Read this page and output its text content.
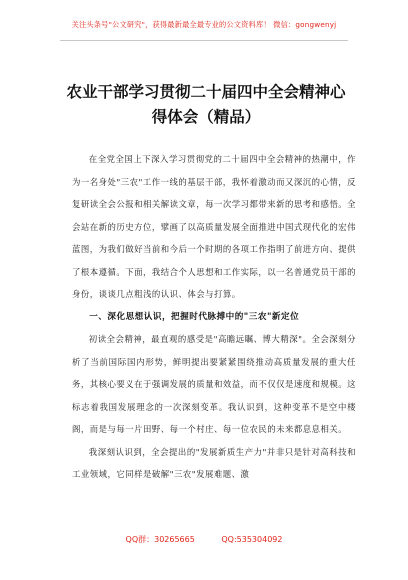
关注头条号"公文研究"，获得最新最全最专业的公文资料库！ 微信：gongwenyj
农业干部学习贯彻二十届四中全会精神心得体会（精品）

在全党全国上下深入学习贯彻党的二十届四中全会精神的热潮中，作为一名身处"三农"工作一线的基层干部，我怀着激动而又深沉的心情，反复研读全会公报和相关解读文章，每一次学习都带来新的思考和感悟。全会站在新的历史方位，擘画了以高质量发展全面推进中国式现代化的宏伟蓝图，为我们做好当前和今后一个时期的各项工作指明了前进方向、提供了根本遵循。下面，我结合个人思想和工作实际，以一名普通党员干部的身份，谈谈几点粗浅的认识、体会与打算。

一、深化思想认识，把握时代脉搏中的"三农"新定位

初读全会精神，最直观的感受是"高瞻远瞩、博大精深"。全会深刻分析了当前国际国内形势，鲜明提出要紧紧围绕推动高质量发展的重大任务，其核心要义在于强调发展的质量和效益，而不仅仅是速度和规模。这标志着我国发展理念的一次深刻变革。我认识到，这种变革不是空中楼阁，而是与每一片田野、每一个村庄、每一位农民的未来都息息相关。

我深刻认识到，全会提出的"发展新质生产力"并非只是针对高科技和工业领域，它同样是破解"三农"发展难题、激

QQ群：30265665	QQ:535304092
